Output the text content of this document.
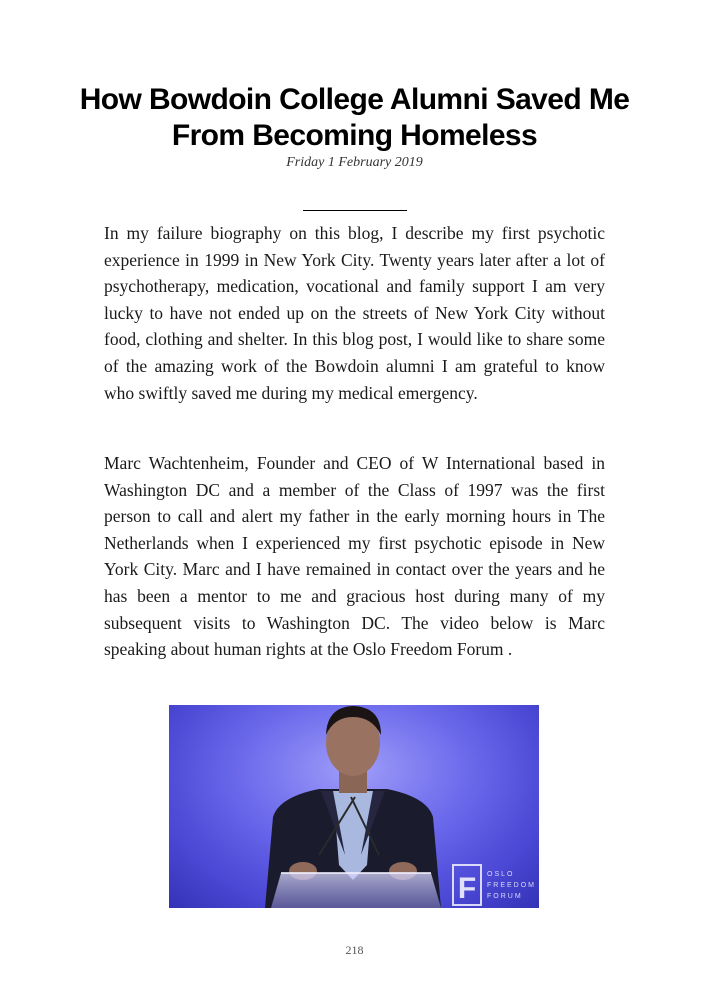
How Bowdoin College Alumni Saved Me From Becoming Homeless
Friday 1 February 2019

In my failure biography on this blog, I describe my first psychotic experience in 1999 in New York City. Twenty years later after a lot of psychotherapy, medication, vocational and family support I am very lucky to have not ended up on the streets of New York City without food, clothing and shelter. In this blog post, I would like to share some of the amazing work of the Bowdoin alumni I am grateful to know who swiftly saved me during my medical emergency.

Marc Wachtenheim, Founder and CEO of W International based in Washington DC and a member of the Class of 1997 was the first person to call and alert my father in the early morning hours in The Netherlands when I experienced my first psychotic episode in New York City. Marc and I have remained in contact over the years and he has been a mentor to me and gracious host during many of my subsequent visits to Washington DC. The video below is Marc speaking about human rights at the Oslo Freedom Forum .

F OSLO
FREEDOM
FORUM
218
